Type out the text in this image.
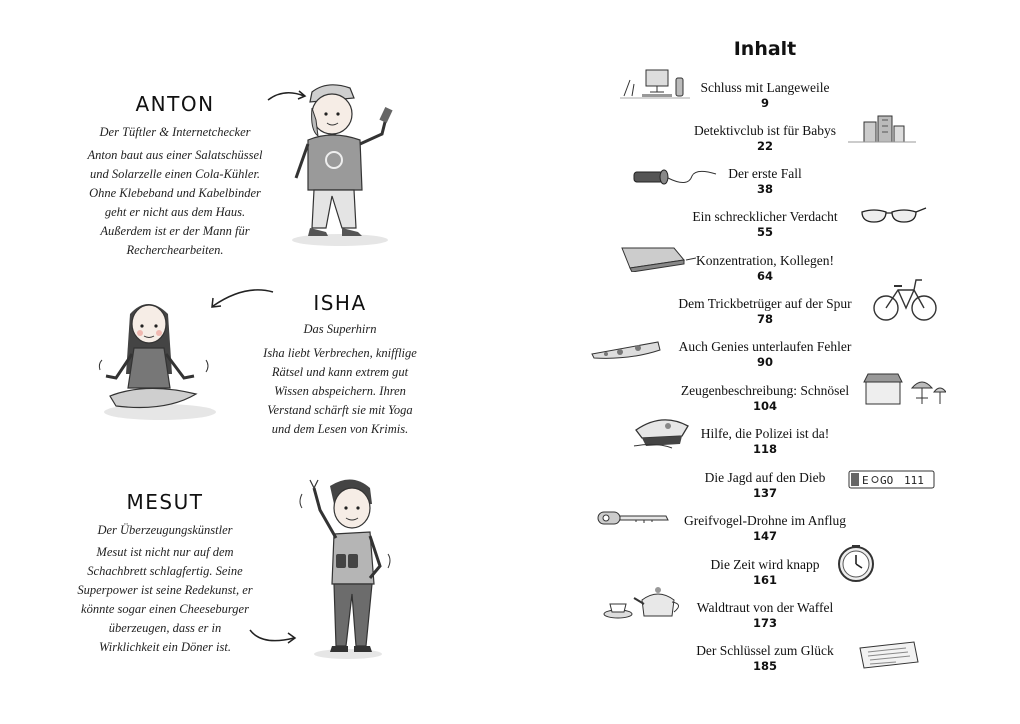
ANTON
Der Tüftler & Internetchecker
Anton baut aus einer Salatschüssel
und Solarzelle einen Cola-Kühler.
Ohne Klebeband und Kabelbinder
geht er nicht aus dem Haus.
Außerdem ist er der Mann für
Recherchearbeiten.
ISHA
Das Superhirn
Isha liebt Verbrechen, knifflige
Rätsel und kann extrem gut
Wissen abspeichern. Ihren
Verstand schärft sie mit Yoga
und dem Lesen von Krimis.
MESUT
Der Überzeugungskünstler
Mesut ist nicht nur auf dem
Schachbrett schlagfertig. Seine
Superpower ist seine Redekunst, er
könnte sogar einen Cheeseburger
überzeugen, dass er in
Wirklichkeit ein Döner ist.
Inhalt
Schluss mit Langeweile
9
Detektivclub ist für Babys
22
Der erste Fall
38
Ein schrecklicher Verdacht
55
Konzentration, Kollegen!
64
Dem Trickbetrüger auf der Spur
78
Auch Genies unterlaufen Fehler
90
Zeugenbeschreibung: Schnösel
104
Hilfe, die Polizei ist da!
118
Die Jagd auf den Dieb
137
Greifvogel-Drohne im Anflug
147
Die Zeit wird knapp
161
Waldtraut von der Waffel
173
Der Schlüssel zum Glück
185
E GO 111
